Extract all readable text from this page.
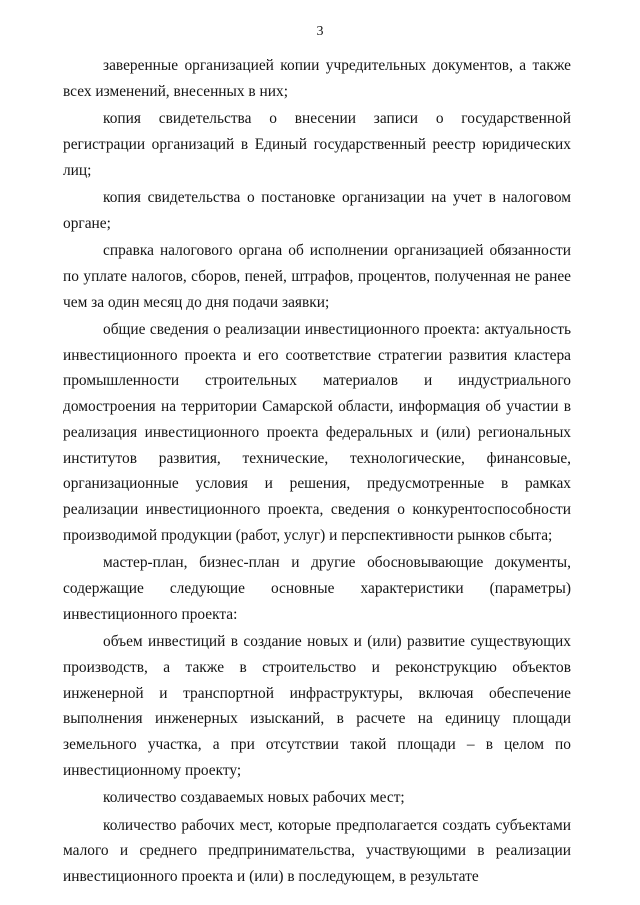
3

заверенные организацией копии учредительных документов, а также всех изменений, внесенных в них;

копия свидетельства о внесении записи о государственной регистрации организаций в Единый государственный реестр юридических лиц;

копия свидетельства о постановке организации на учет в налоговом органе;

справка налогового органа об исполнении организацией обязанности по уплате налогов, сборов, пеней, штрафов, процентов, полученная не ранее чем за один месяц до дня подачи заявки;

общие сведения о реализации инвестиционного проекта: актуальность инвестиционного проекта и его соответствие стратегии развития кластера промышленности строительных материалов и индустриального домостроения на территории Самарской области, информация об участии в реализация инвестиционного проекта федеральных и (или) региональных институтов развития, технические, технологические, финансовые, организационные условия и решения, предусмотренные в рамках реализации инвестиционного проекта, сведения о конкурентоспособности производимой продукции (работ, услуг) и перспективности рынков сбыта;

мастер-план, бизнес-план и другие обосновывающие документы, содержащие следующие основные характеристики (параметры) инвестиционного проекта:

объем инвестиций в создание новых и (или) развитие существующих производств, а также в строительство и реконструкцию объектов инженерной и транспортной инфраструктуры, включая обеспечение выполнения инженерных изысканий, в расчете на единицу площади земельного участка, а при отсутствии такой площади – в целом по инвестиционному проекту;

количество создаваемых новых рабочих мест;

количество рабочих мест, которые предполагается создать субъектами малого и среднего предпринимательства, участвующими в реализации инвестиционного проекта и (или) в последующем, в результате
